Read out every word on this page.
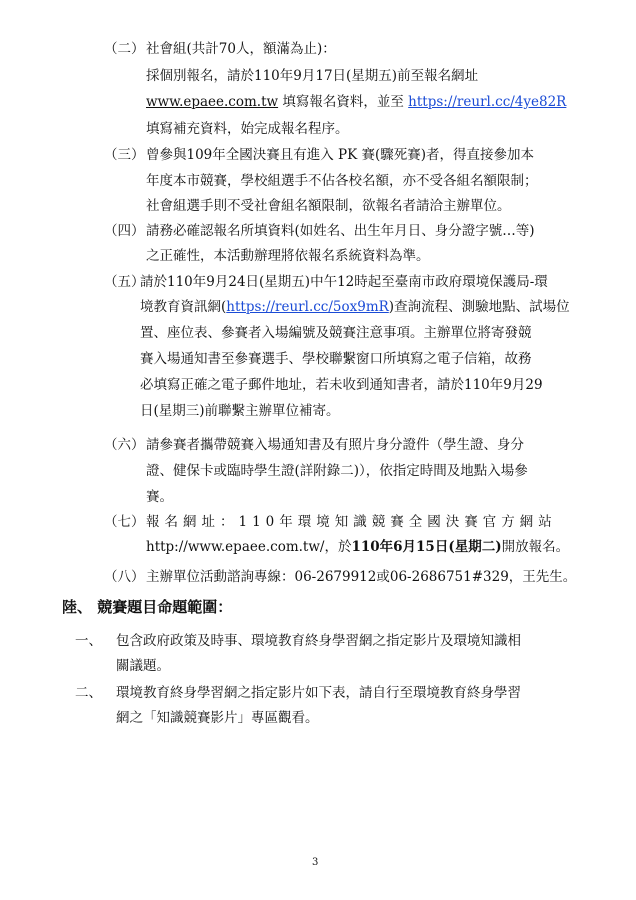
（二） 社會組(共計70人，額滿為止)：
採個別報名，請於110年9月17日(星期五)前至報名網址
www.epaee.com.tw 填寫報名資料，並至 https://reurl.cc/4ye82R
填寫補充資料，始完成報名程序。
（三） 曾參與109年全國決賽且有進入 PK 賽(驟死賽)者，得直接參加本
年度本市競賽，學校組選手不佔各校名額，亦不受各組名額限制；
社會組選手則不受社會組名額限制，欲報名者請洽主辦單位。
（四） 請務必確認報名所填資料(如姓名、出生年月日、身分證字號…等)
之正確性，本活動辦理將依報名系統資料為準。
（五）
請於110年9月24日(星期五)中午12時起至臺南市政府環境保護局-環
境教育資訊網(https://reurl.cc/5ox9mR)查詢流程、測驗地點、試場位
置、座位表、參賽者入場編號及競賽注意事項。主辦單位將寄發競
賽入場通知書至參賽選手、學校聯繫窗口所填寫之電子信箱，故務
必填寫正確之電子郵件地址，若未收到通知書者，請於110年9月29
日(星期三)前聯繫主辦單位補寄。
（六） 請參賽者攜帶競賽入場通知書及有照片身分證件（學生證、身分
證、健保卡或臨時學生證(詳附錄二)），依指定時間及地點入場參
賽。
（七） 報名網址：110年環境知識競賽全國決賽官方網站
http://www.epaee.com.tw/，於110年6月15日(星期二)開放報名。
（八） 主辦單位活動諮詢專線：06-2679912或06-2686751#329，王先生。
陸、 競賽題目命題範圍：
一、 包含政府政策及時事、環境教育終身學習網之指定影片及環境知識相
關議題。
二、 環境教育終身學習網之指定影片如下表，請自行至環境教育終身學習
網之「知識競賽影片」專區觀看。
3
